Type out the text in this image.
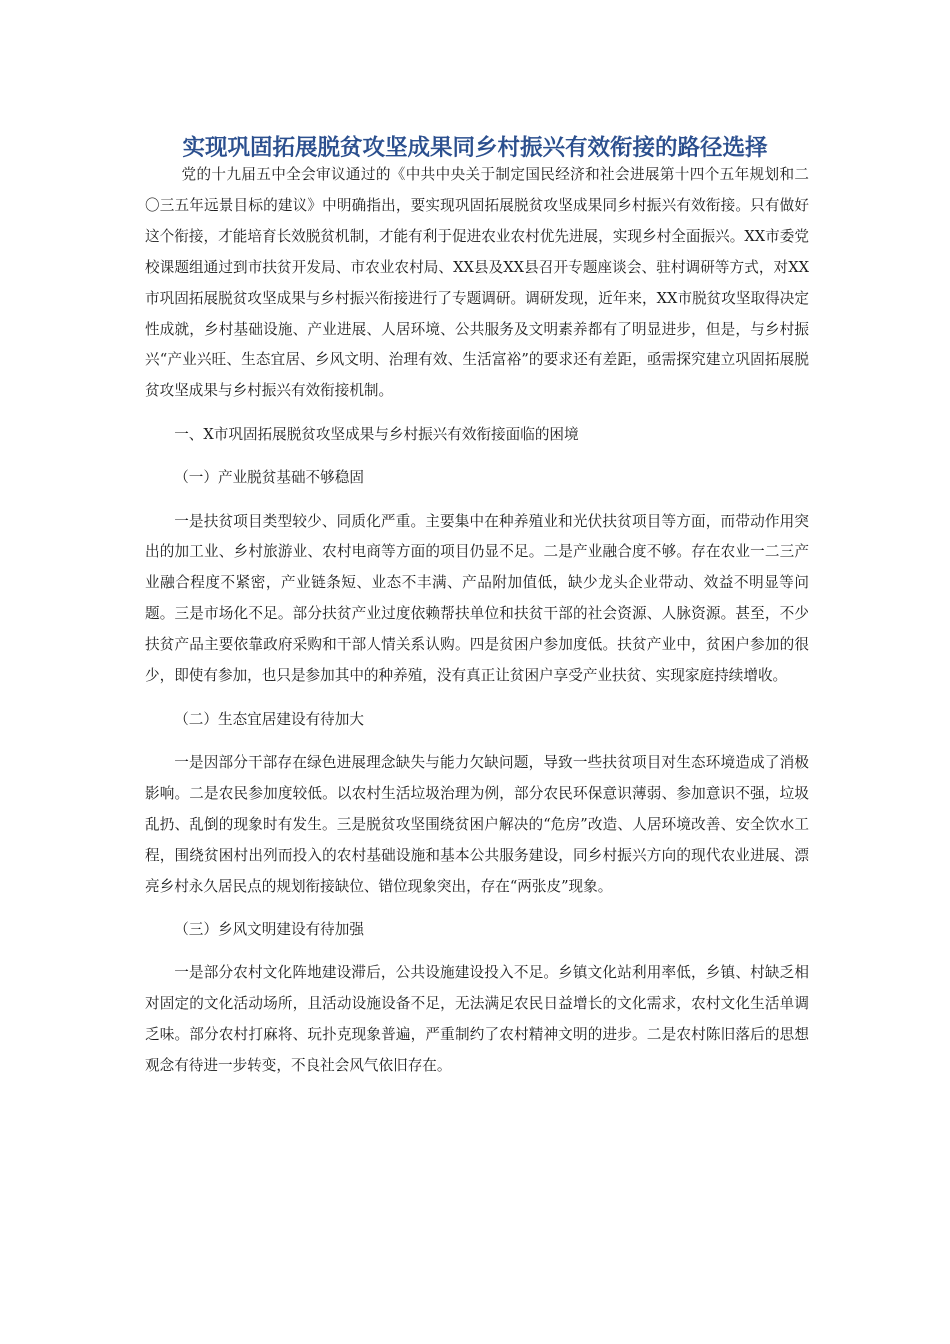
实现巩固拓展脱贫攻坚成果同乡村振兴有效衔接的路径选择

党的十九届五中全会审议通过的《中共中央关于制定国民经济和社会进展第十四个五年规划和二〇三五年远景目标的建议》中明确指出，要实现巩固拓展脱贫攻坚成果同乡村振兴有效衔接。只有做好这个衔接，才能培育长效脱贫机制，才能有利于促进农业农村优先进展，实现乡村全面振兴。XX市委党校课题组通过到市扶贫开发局、市农业农村局、XX县及XX县召开专题座谈会、驻村调研等方式，对XX市巩固拓展脱贫攻坚成果与乡村振兴衔接进行了专题调研。调研发现，近年来，XX市脱贫攻坚取得决定性成就，乡村基础设施、产业进展、人居环境、公共服务及文明素养都有了明显进步，但是，与乡村振兴“产业兴旺、生态宜居、乡风文明、治理有效、生活富裕”的要求还有差距，亟需探究建立巩固拓展脱贫攻坚成果与乡村振兴有效衔接机制。

一、X市巩固拓展脱贫攻坚成果与乡村振兴有效衔接面临的困境

（一）产业脱贫基础不够稳固

一是扶贫项目类型较少、同质化严重。主要集中在种养殖业和光伏扶贫项目等方面，而带动作用突出的加工业、乡村旅游业、农村电商等方面的项目仍显不足。二是产业融合度不够。存在农业一二三产业融合程度不紧密，产业链条短、业态不丰满、产品附加值低，缺少龙头企业带动、效益不明显等问题。三是市场化不足。部分扶贫产业过度依赖帮扶单位和扶贫干部的社会资源、人脉资源。甚至，不少扶贫产品主要依靠政府采购和干部人情关系认购。四是贫困户参加度低。扶贫产业中，贫困户参加的很少，即使有参加，也只是参加其中的种养殖，没有真正让贫困户享受产业扶贫、实现家庭持续增收。

（二）生态宜居建设有待加大

一是因部分干部存在绿色进展理念缺失与能力欠缺问题，导致一些扶贫项目对生态环境造成了消极影响。二是农民参加度较低。以农村生活垃圾治理为例，部分农民环保意识薄弱、参加意识不强，垃圾乱扔、乱倒的现象时有发生。三是脱贫攻坚围绕贫困户解决的“危房”改造、人居环境改善、安全饮水工程，围绕贫困村出列而投入的农村基础设施和基本公共服务建设，同乡村振兴方向的现代农业进展、漂亮乡村永久居民点的规划衔接缺位、错位现象突出，存在“两张皮”现象。

（三）乡风文明建设有待加强

一是部分农村文化阵地建设滞后，公共设施建设投入不足。乡镇文化站利用率低，乡镇、村缺乏相对固定的文化活动场所，且活动设施设备不足，无法满足农民日益增长的文化需求，农村文化生活单调乏味。部分农村打麻将、玩扑克现象普遍，严重制约了农村精神文明的进步。二是农村陈旧落后的思想观念有待进一步转变，不良社会风气依旧存在。
